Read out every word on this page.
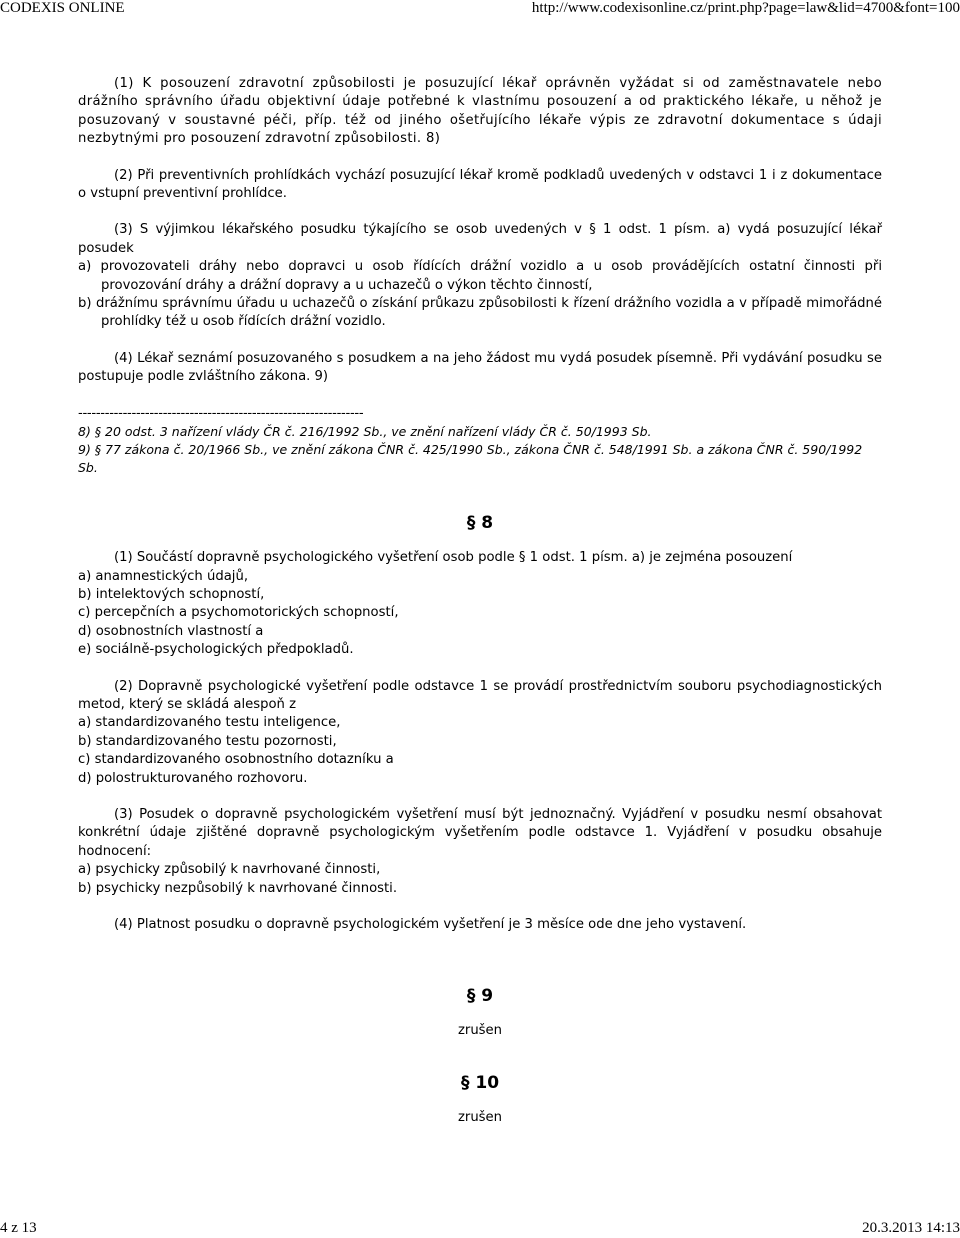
CODEXIS ONLINE	http://www.codexisonline.cz/print.php?page=law&lid=4700&font=100

(1) K posouzení zdravotní způsobilosti je posuzující lékař oprávněn vyžádat si od zaměstnavatele nebo drážního správního úřadu objektivní údaje potřebné k vlastnímu posouzení a od praktického lékaře, u něhož je posuzovaný v soustavné péči, příp. též od jiného ošetřujícího lékaře výpis ze zdravotní dokumentace s údaji nezbytnými pro posouzení zdravotní způsobilosti. 8)

(2) Při preventivních prohlídkách vychází posuzující lékař kromě podkladů uvedených v odstavci 1 i z dokumentace o vstupní preventivní prohlídce.

(3) S výjimkou lékařského posudku týkajícího se osob uvedených v § 1 odst. 1 písm. a) vydá posuzující lékař posudek

a) provozovateli dráhy nebo dopravci u osob řídících drážní vozidlo a u osob provádějících ostatní činnosti při provozování dráhy a drážní dopravy a u uchazečů o výkon těchto činností,

b) drážnímu správnímu úřadu u uchazečů o získání průkazu způsobilosti k řízení drážního vozidla a v případě mimořádné prohlídky též u osob řídících drážní vozidlo.

(4) Lékař seznámí posuzovaného s posudkem a na jeho žádost mu vydá posudek písemně. Při vydávání posudku se postupuje podle zvláštního zákona. 9)

----------------------------------------------------------------

8) § 20 odst. 3 nařízení vlády ČR č. 216/1992 Sb., ve znění nařízení vlády ČR č. 50/1993 Sb.

9) § 77 zákona č. 20/1966 Sb., ve znění zákona ČNR č. 425/1990 Sb., zákona ČNR č. 548/1991 Sb. a zákona ČNR č. 590/1992 Sb.

§ 8

(1) Součástí dopravně psychologického vyšetření osob podle § 1 odst. 1 písm. a) je zejména posouzení

a) anamnestických údajů,

b) intelektových schopností,

c) percepčních a psychomotorických schopností,

d) osobnostních vlastností a

e) sociálně-psychologických předpokladů.

(2) Dopravně psychologické vyšetření podle odstavce 1 se provádí prostřednictvím souboru psychodiagnostických metod, který se skládá alespoň z

a) standardizovaného testu inteligence,

b) standardizovaného testu pozornosti,

c) standardizovaného osobnostního dotazníku a

d) polostrukturovaného rozhovoru.

(3) Posudek o dopravně psychologickém vyšetření musí být jednoznačný. Vyjádření v posudku nesmí obsahovat konkrétní údaje zjištěné dopravně psychologickým vyšetřením podle odstavce 1. Vyjádření v posudku obsahuje hodnocení:

a) psychicky způsobilý k navrhované činnosti,

b) psychicky nezpůsobilý k navrhované činnosti.

(4) Platnost posudku o dopravně psychologickém vyšetření je 3 měsíce ode dne jeho vystavení.

§ 9

zrušen

§ 10

zrušen

4 z 13	20.3.2013 14:13
